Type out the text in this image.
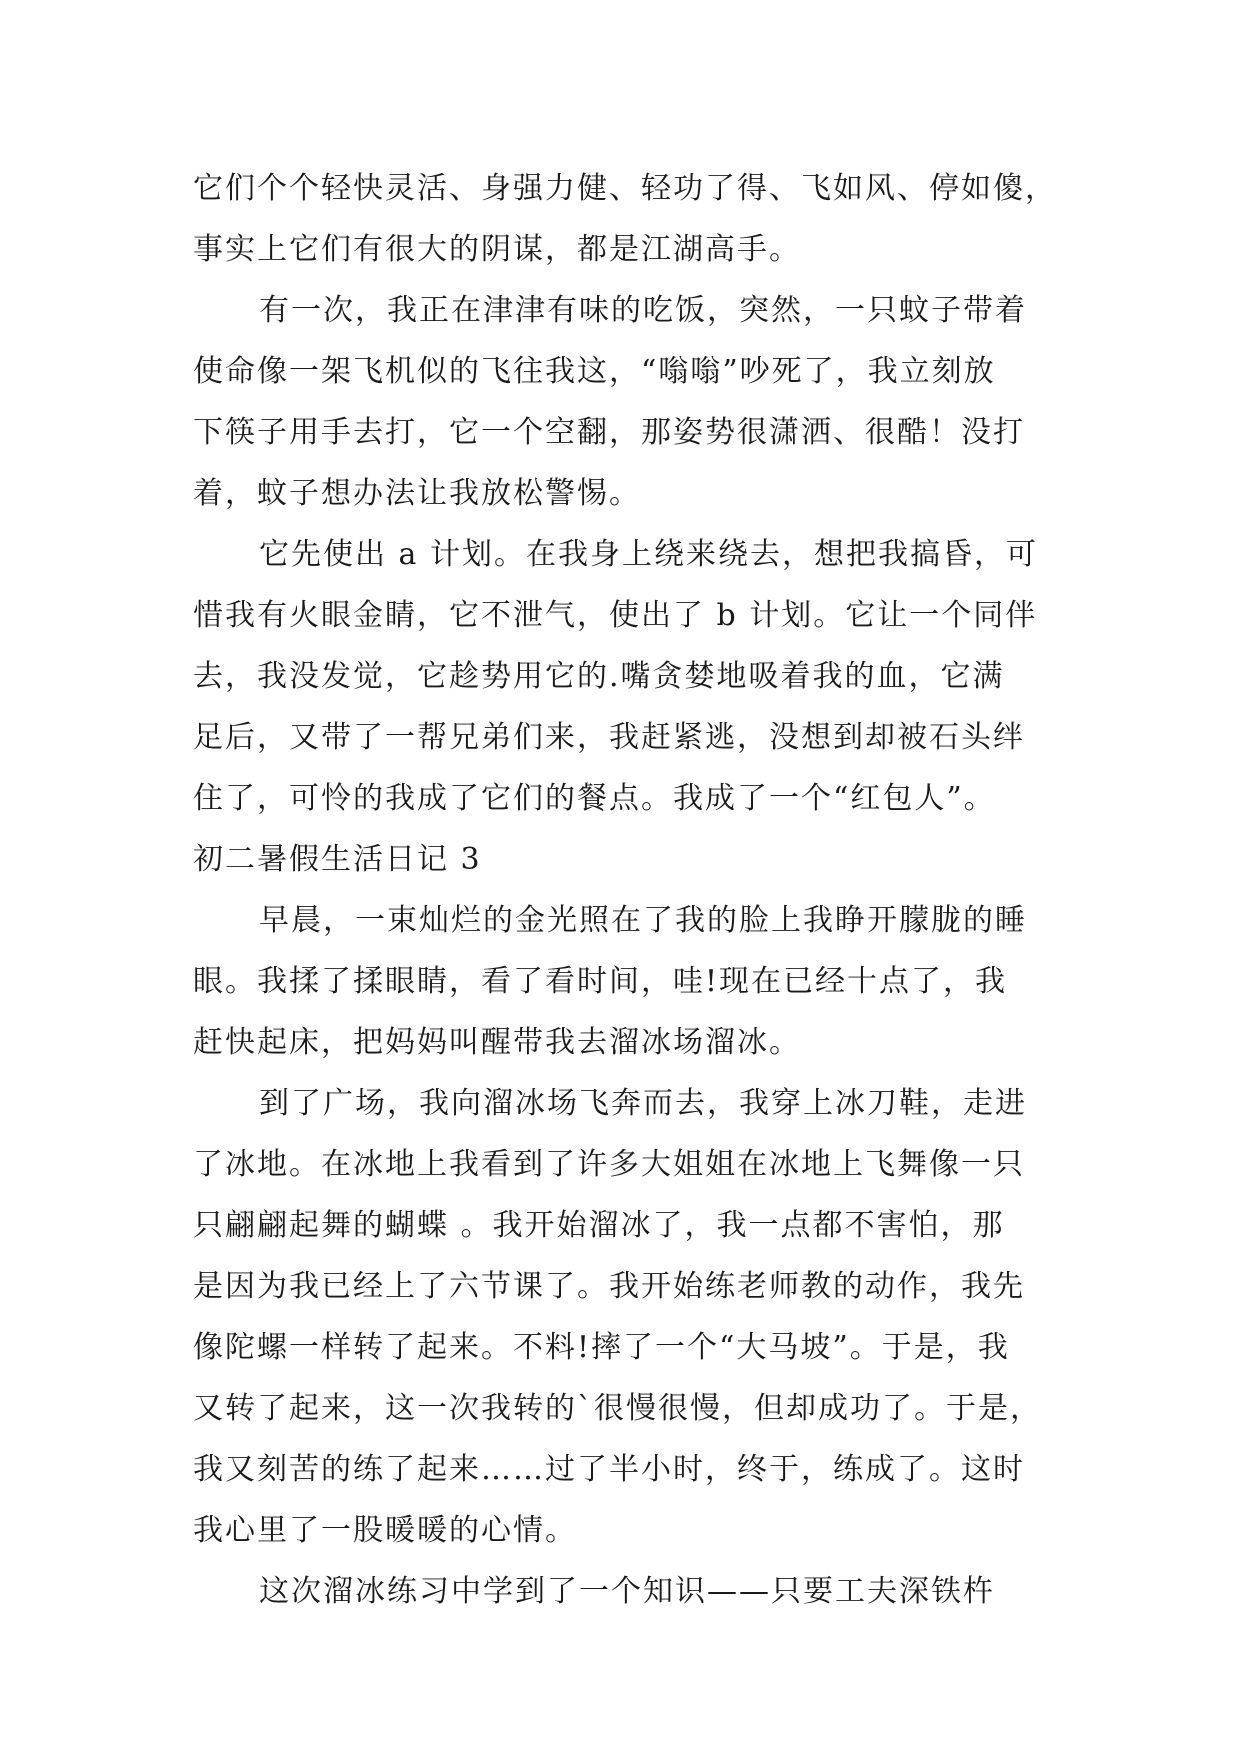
它们个个轻快灵活、身强力健、轻功了得、飞如风、停如傻，
事实上它们有很大的阴谋，都是江湖高手。
有一次，我正在津津有味的吃饭，突然，一只蚊子带着
使命像一架飞机似的飞往我这，“嗡嗡”吵死了，我立刻放
下筷子用手去打，它一个空翻，那姿势很潇洒、很酷！没打
着，蚊子想办法让我放松警惕。
它先使出 a 计划。在我身上绕来绕去，想把我搞昏，可
惜我有火眼金睛，它不泄气，使出了 b 计划。它让一个同伴
去，我没发觉，它趁势用它的.嘴贪婪地吸着我的血，它满
足后，又带了一帮兄弟们来，我赶紧逃，没想到却被石头绊
住了，可怜的我成了它们的餐点。我成了一个“红包人”。
初二暑假生活日记 3
早晨，一束灿烂的金光照在了我的脸上我睁开朦胧的睡
眼。我揉了揉眼睛，看了看时间，哇!现在已经十点了，我
赶快起床，把妈妈叫醒带我去溜冰场溜冰。
到了广场，我向溜冰场飞奔而去，我穿上冰刀鞋，走进
了冰地。在冰地上我看到了许多大姐姐在冰地上飞舞像一只
只翩翩起舞的蝴蝶 。我开始溜冰了，我一点都不害怕，那
是因为我已经上了六节课了。我开始练老师教的动作，我先
像陀螺一样转了起来。不料!摔了一个“大马坡”。于是，我
又转了起来，这一次我转的`很慢很慢，但却成功了。于是，
我又刻苦的练了起来……过了半小时，终于，练成了。这时
我心里了一股暖暖的心情。
这次溜冰练习中学到了一个知识——只要工夫深铁杵
